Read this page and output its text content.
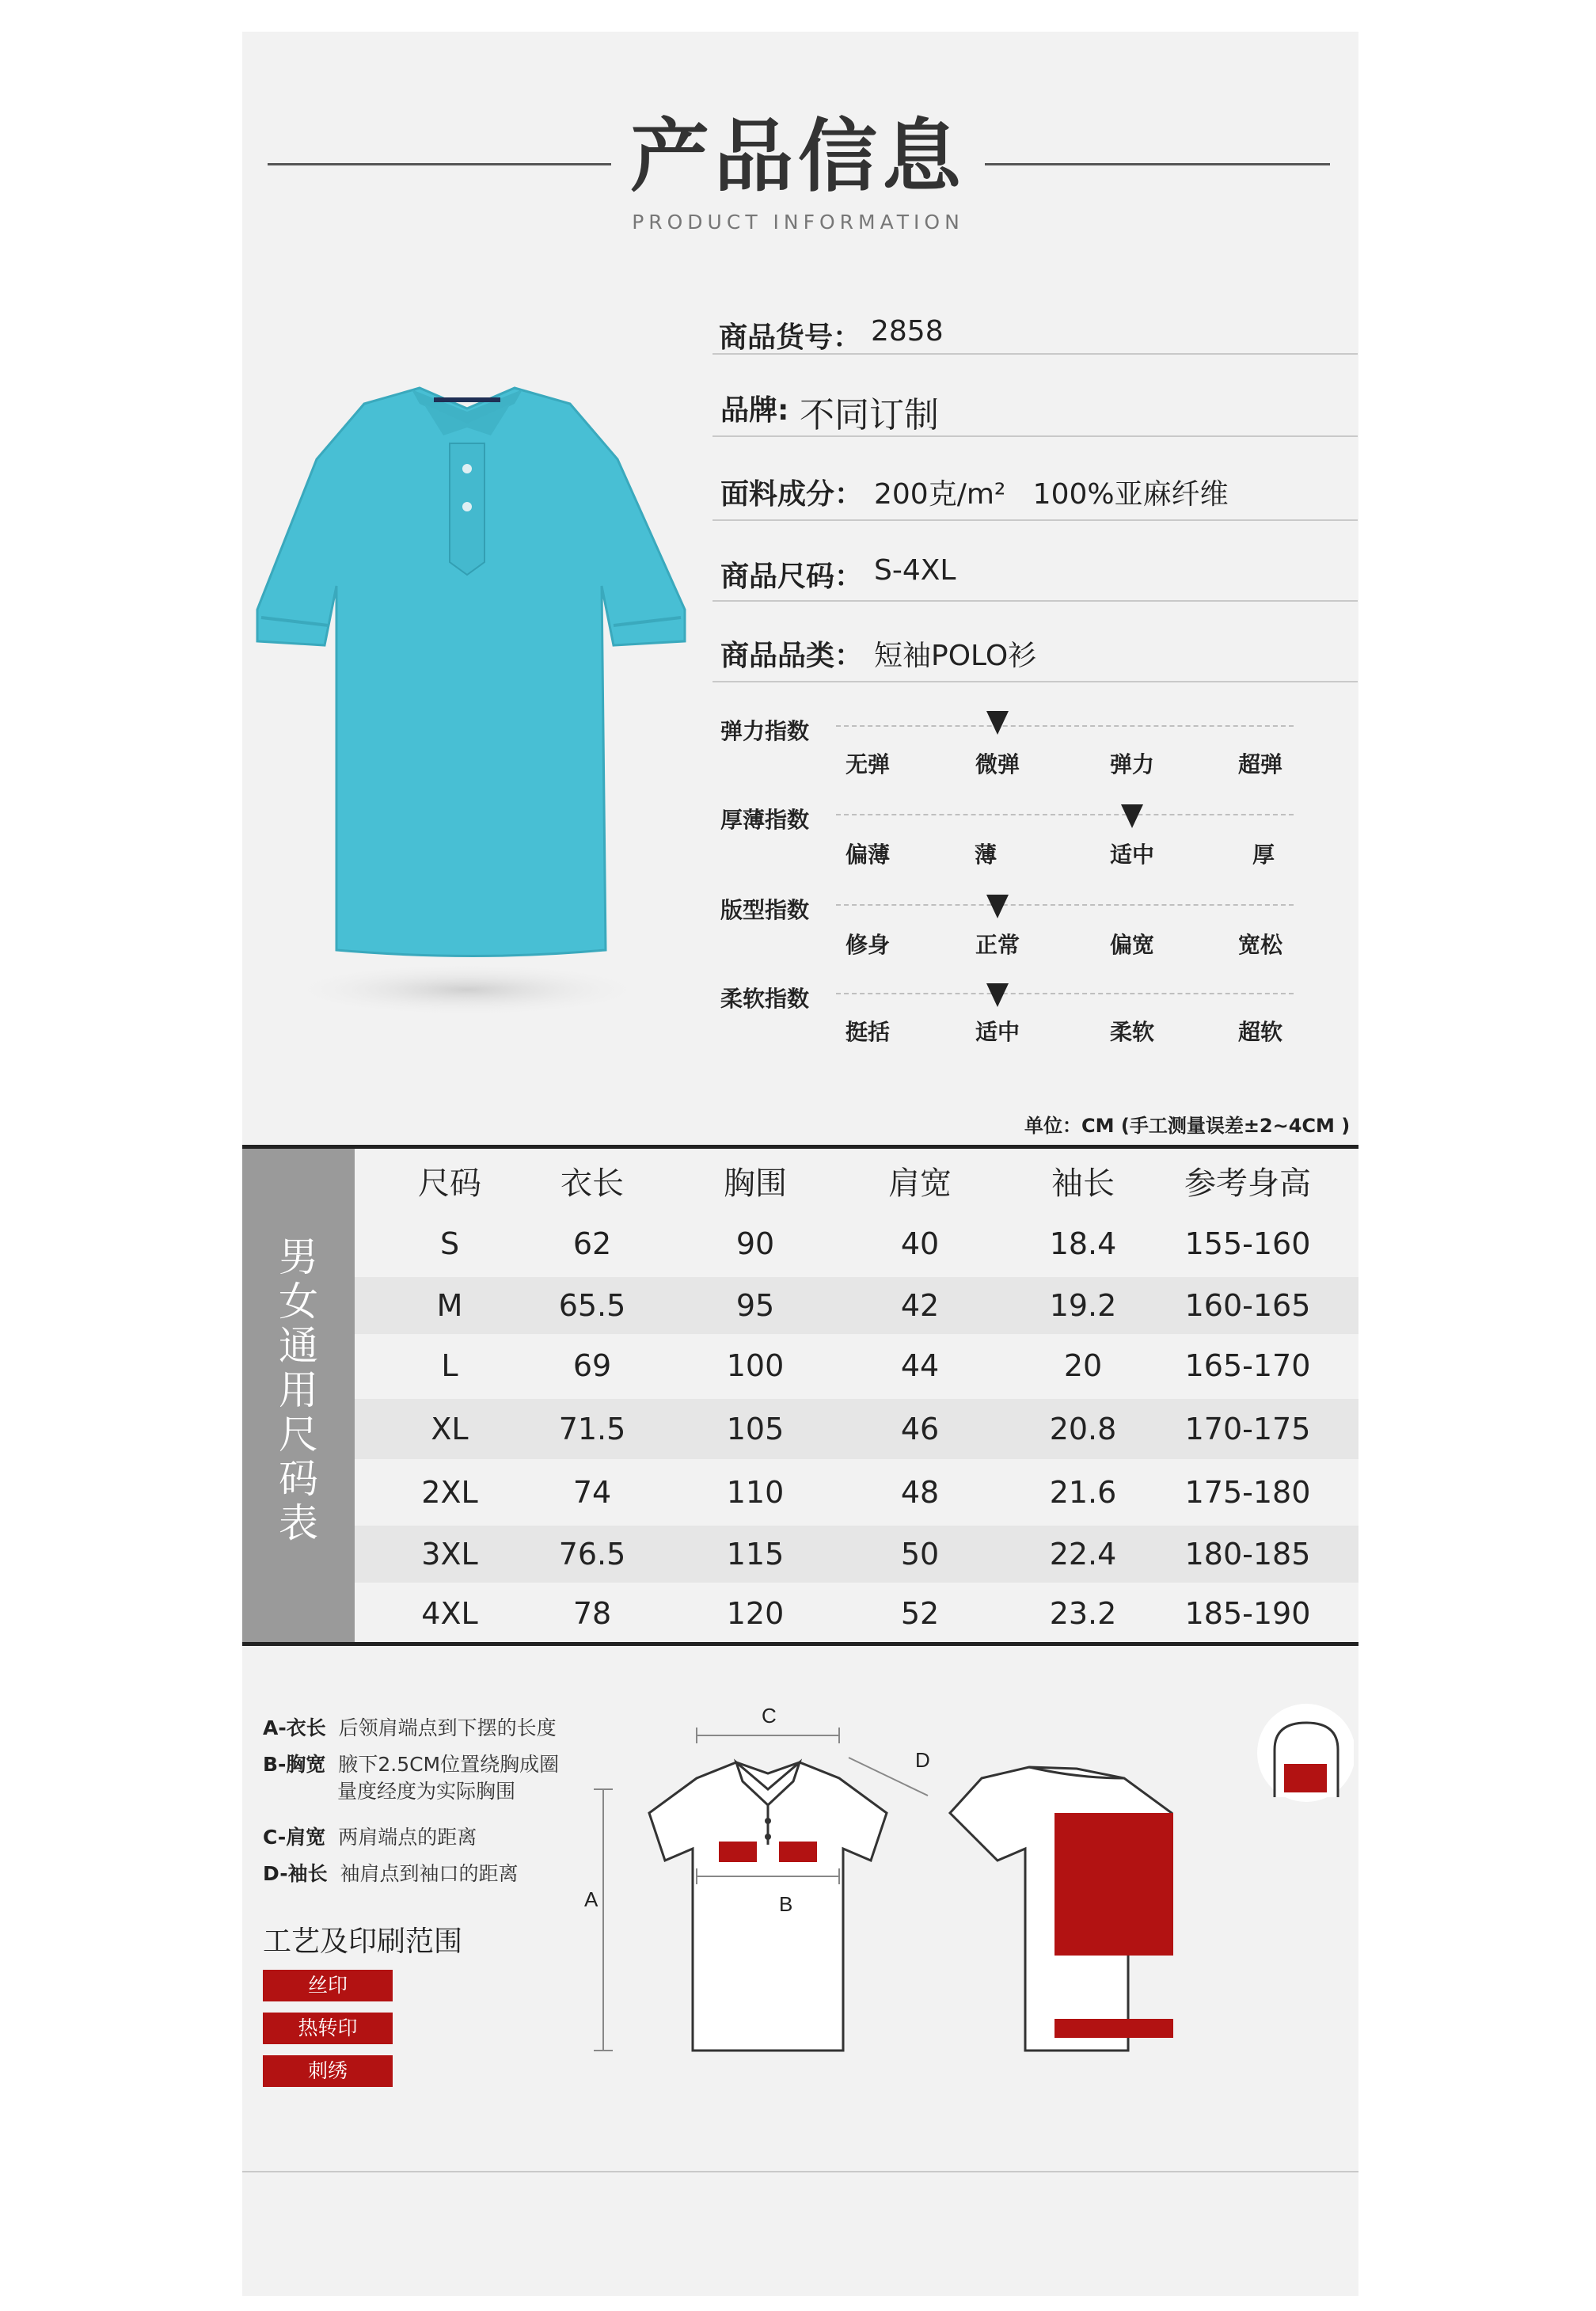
产品信息
PRODUCT INFORMATION
商品货号： 2858
品牌: 不同订制
面料成分： 200克/m²   100%亚麻纤维
商品尺码： S-4XL
商品品类： 短袖POLO衫
弹力指数
无弹	微弹	弹力	超弹
厚薄指数
偏薄	薄	适中	厚
版型指数
修身	正常	偏宽	宽松
柔软指数
挺括	适中	柔软	超软
单位：CM (手工测量误差±2~4CM )
男
女
通
用
尺
码
表
尺码	衣长	胸围	肩宽	袖长	参考身高
S	62	90	40	18.4	155-160
M	65.5	95	42	19.2	160-165
L	69	100	44	20	165-170
XL	71.5	105	46	20.8	170-175
2XL	74	110	48	21.6	175-180
3XL	76.5	115	50	22.4	180-185
4XL	78	120	52	23.2	185-190
A-衣长 后领肩端点到下摆的长度
B-胸宽 腋下2.5CM位置绕胸成圈
量度经度为实际胸围
C-肩宽 两肩端点的距离
D-袖长 袖肩点到袖口的距离
工艺及印刷范围
丝印
热转印
刺绣
A
C
D
B
